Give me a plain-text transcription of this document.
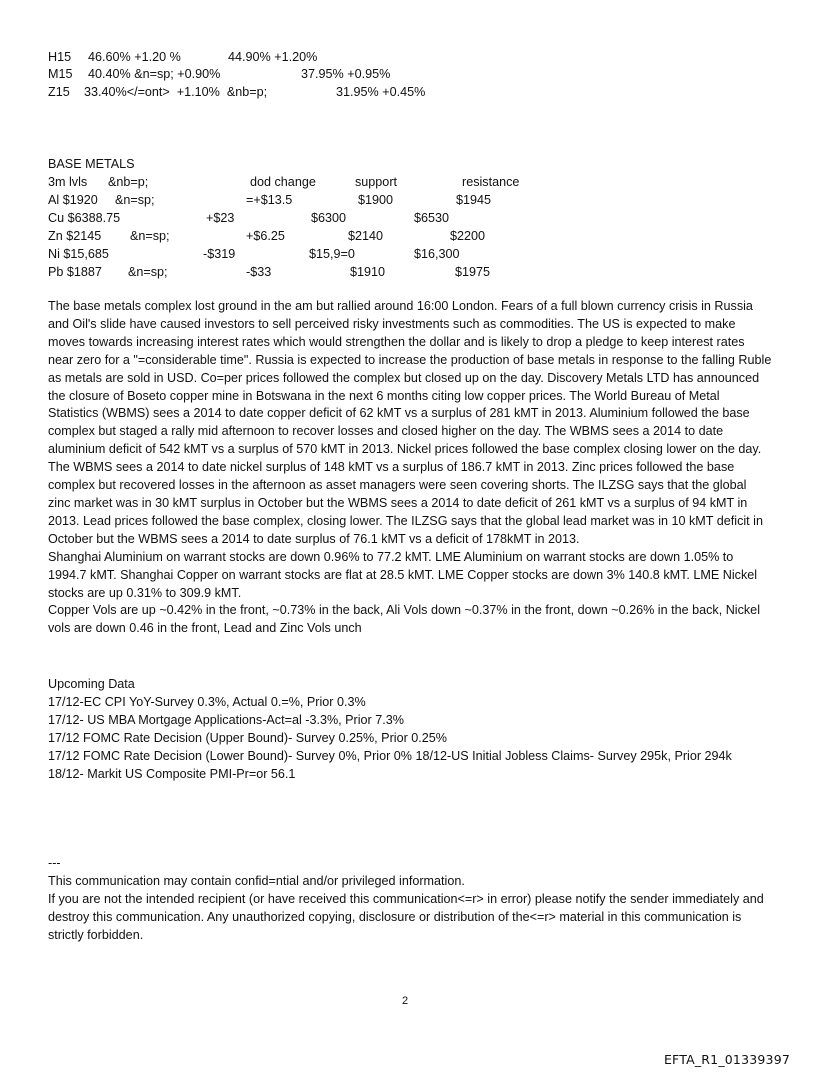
H15 46.60% +1.20 %	44.90% +1.20%
M15 40.40% &n=sp; +0.90%	37.95% +0.95%
Z15 33.40%</=ont>  +1.10%  &nb=p;	31.95% +0.45%
BASE METALS
3m lvls &nb=p;	dod change	support	resistance
Al $1920 &n=sp;	=+$13.5	$1900	$1945
Cu $6388.75	+$23	$6300	$6530
Zn $2145 &n=sp;	+$6.25	$2140	$2200
Ni $15,685	-$319	$15,9=0	$16,300
Pb $1887 &n=sp;	-$33	$1910	$1975

The base metals complex lost ground in the am but rallied around 16:00 London. Fears of a full blown currency crisis in Russia and Oil's slide have caused investors to sell perceived risky investments such as commodities. The US is expected to make moves towards increasing interest rates which would strengthen the dollar and is likely to drop a pledge to keep interest rates near zero for a "=considerable time". Russia is expected to increase the production of base metals in response to the falling Ruble as metals are sold in USD. Co=per prices followed the complex but closed up on the day. Discovery Metals LTD has announced the closure of Boseto copper mine in Botswana in the next 6 months citing low copper prices. The World Bureau of Metal Statistics (WBMS) sees a 2014 to date copper deficit of 62 kMT vs a surplus of 281 kMT in 2013. Aluminium followed the base complex but staged a rally mid afternoon to recover losses and closed higher on the day. The WBMS sees a 2014 to date aluminium deficit of 542 kMT vs a surplus of 570 kMT in 2013. Nickel prices followed the base complex closing lower on the day. The WBMS sees a 2014 to date nickel surplus of 148 kMT vs a surplus of 186.7 kMT in 2013. Zinc prices followed the base complex but recovered losses in the afternoon as asset managers were seen covering shorts. The ILZSG says that the global zinc market was in 30 kMT surplus in October but the WBMS sees a 2014 to date deficit of 261 kMT vs a surplus of 94 kMT in 2013. Lead prices followed the base complex, closing lower. The ILZSG says that the global lead market was in 10 kMT deficit in October but the WBMS sees a 2014 to date surplus of 76.1 kMT vs a deficit of 178kMT in 2013.

Shanghai Aluminium on warrant stocks are down 0.96% to 77.2 kMT. LME Aluminium on warrant stocks are down 1.05% to 1994.7 kMT. Shanghai Copper on warrant stocks are flat at 28.5 kMT. LME Copper stocks are down 3% 140.8 kMT. LME Nickel stocks are up 0.31% to 309.9 kMT.

Copper Vols are up ~0.42% in the front, ~0.73% in the back, Ali Vols down ~0.37% in the front, down ~0.26% in the back, Nickel vols are down 0.46 in the front, Lead and Zinc Vols unch

Upcoming Data

17/12-EC CPI YoY-Survey 0.3%, Actual 0.=%, Prior 0.3%

17/12- US MBA Mortgage Applications-Act=al -3.3%, Prior 7.3%

17/12 FOMC Rate Decision (Upper Bound)- Survey 0.25%, Prior 0.25%

17/12 FOMC Rate Decision (Lower Bound)- Survey 0%, Prior 0% 18/12-US Initial Jobless Claims- Survey 295k, Prior 294k

18/12- Markit US Composite PMI-Pr=or 56.1

---

This communication may contain confid=ntial and/or privileged information.

If you are not the intended recipient (or have received this communication<=r> in error) please notify the sender immediately and destroy this communication. Any unauthorized copying, disclosure or distribution of the<=r> material in this communication is strictly forbidden.

2
EFTA_R1_01339397
